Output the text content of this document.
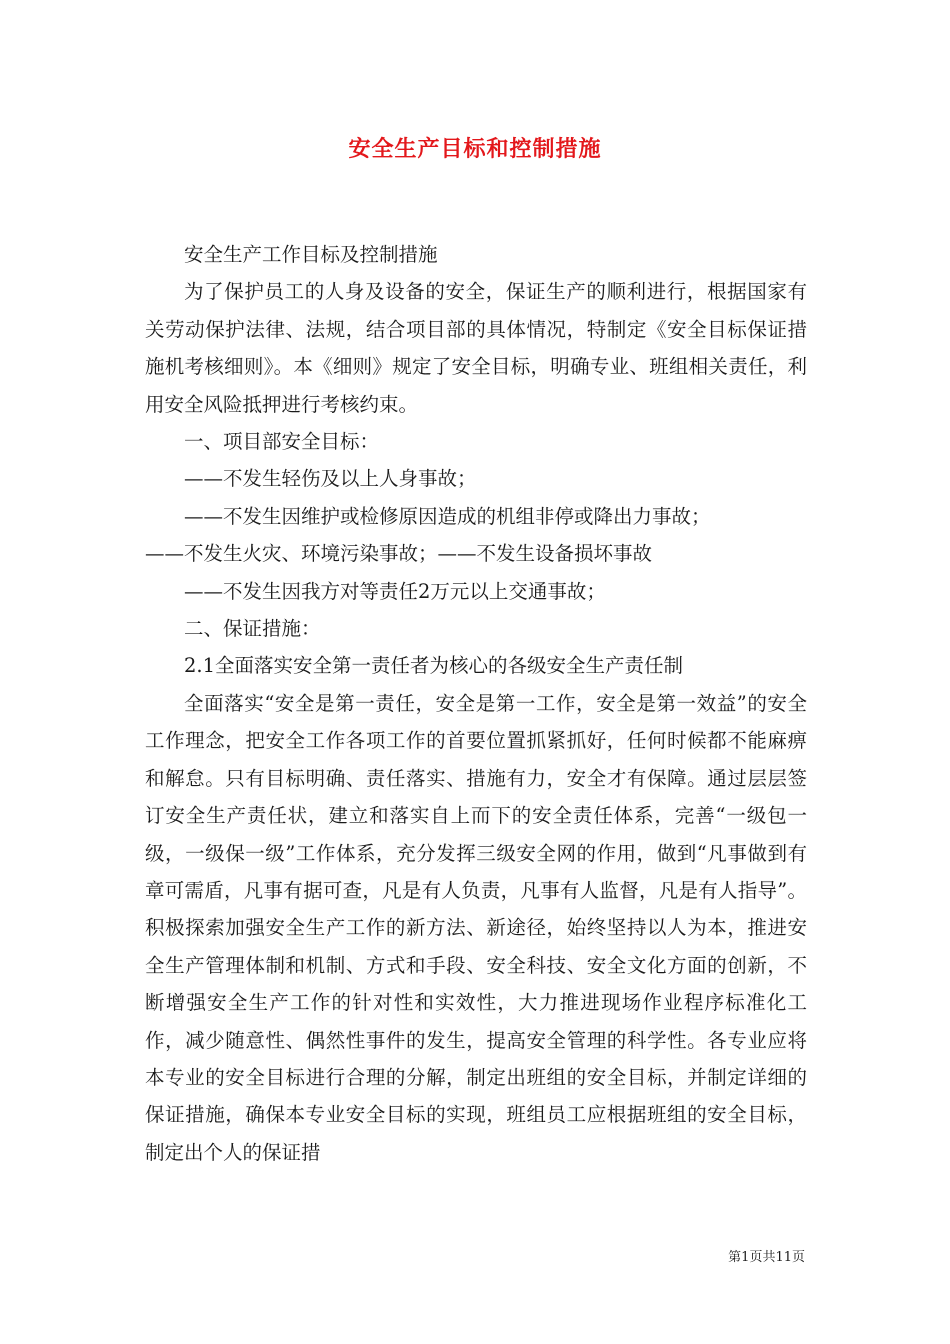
安全生产目标和控制措施

安全生产工作目标及控制措施

为了保护员工的人身及设备的安全，保证生产的顺利进行，根据国家有关劳动保护法律、法规，结合项目部的具体情况，特制定《安全目标保证措施机考核细则》。本《细则》规定了安全目标，明确专业、班组相关责任，利用安全风险抵押进行考核约束。

一、项目部安全目标：

——不发生轻伤及以上人身事故；

——不发生因维护或检修原因造成的机组非停或降出力事故；

——不发生火灾、环境污染事故；——不发生设备损坏事故

——不发生因我方对等责任2万元以上交通事故；

二、保证措施：

2.1全面落实安全第一责任者为核心的各级安全生产责任制

全面落实“安全是第一责任，安全是第一工作，安全是第一效益”的安全工作理念，把安全工作各项工作的首要位置抓紧抓好，任何时候都不能麻痹和解怠。只有目标明确、责任落实、措施有力，安全才有保障。通过层层签订安全生产责任状，建立和落实自上而下的安全责任体系，完善“一级包一级，一级保一级”工作体系，充分发挥三级安全网的作用，做到“凡事做到有章可需盾，凡事有据可查，凡是有人负责，凡事有人监督，凡是有人指导”。积极探索加强安全生产工作的新方法、新途径，始终坚持以人为本，推进安全生产管理体制和机制、方式和手段、安全科技、安全文化方面的创新，不断增强安全生产工作的针对性和实效性，大力推进现场作业程序标准化工作，减少随意性、偶然性事件的发生，提高安全管理的科学性。各专业应将本专业的安全目标进行合理的分解，制定出班组的安全目标，并制定详细的保证措施，确保本专业安全目标的实现，班组员工应根据班组的安全目标，制定出个人的保证措

第1页共11页
